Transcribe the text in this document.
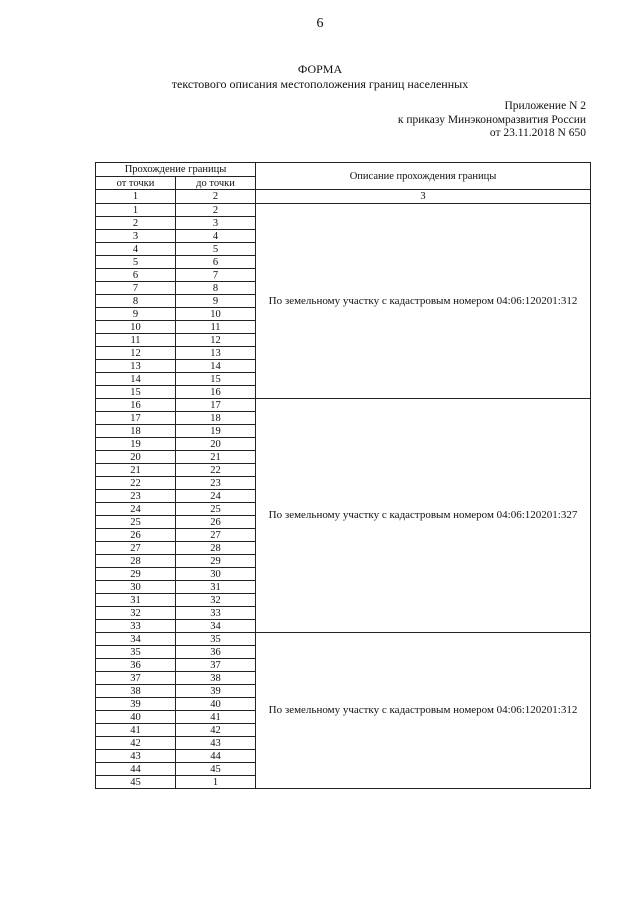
6
ФОРМА
текстового описания местоположения границ населенных
Приложение N 2
к приказу Минэкономразвития России
от 23.11.2018 N 650
Прохождение границы		Описание прохождения границы
от точки	до точки	
1	2	3
1	2	По земельному участку с кадастровым номером 04:06:120201:312
2	3	
3	4	
4	5	
5	6	
6	7	
7	8	
8	9	
9	10	
10	11	
11	12	
12	13	
13	14	
14	15	
15	16	
16	17	По земельному участку с кадастровым номером 04:06:120201:327
17	18	
18	19	
19	20	
20	21	
21	22	
22	23	
23	24	
24	25	
25	26	
26	27	
27	28	
28	29	
29	30	
30	31	
31	32	
32	33	
33	34	
34	35	По земельному участку с кадастровым номером 04:06:120201:312
35	36	
36	37	
37	38	
38	39	
39	40	
40	41	
41	42	
42	43	
43	44	
44	45	
45	1	
